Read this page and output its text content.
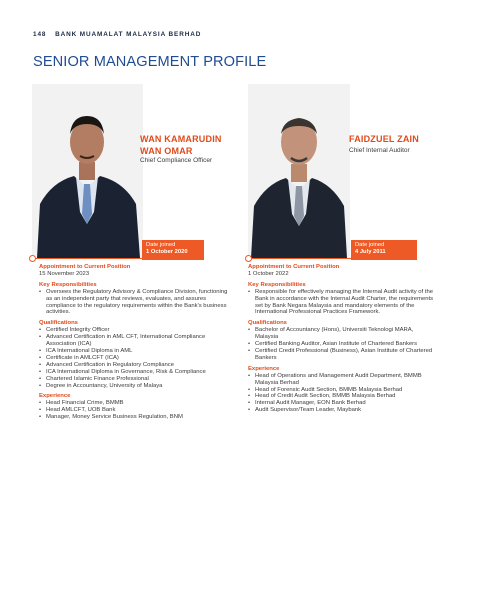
148 BANK MUAMALAT MALAYSIA BERHAD
SENIOR MANAGEMENT PROFILE
WAN KAMARUDIN
WAN OMAR
Chief Compliance Officer
FAIDZUEL ZAIN
Chief Internal Auditor
Date joined
1 October 2020
Date joined
4 July 2011
Appointment to Current Position
15 November 2023
Key Responsibilities
• Oversees the Regulatory Advisory & Compliance Division, functioning as an independent party that reviews, evaluates, and assures compliance to the regulatory requirements within the Bank's business activities.
Qualifications
• Certified Integrity Officer
• Advanced Certification in AML CFT, International Compliance Association (ICA)
• ICA International Diploma in AML
• Certificate in AMLCFT (ICA)
• Advanced Certification in Regulatory Compliance
• ICA International Diploma in Governance, Risk & Compliance
• Chartered Islamic Finance Professional
• Degree in Accountancy, University of Malaya
Experience
• Head Financial Crime, BMMB
• Head AMLCFT, UOB Bank
• Manager, Money Service Business Regulation, BNM
Appointment to Current Position
1 October 2022
Key Responsibilities
• Responsible for effectively managing the Internal Audit activity of the Bank in accordance with the Internal Audit Charter, the requirements set by Bank Negara Malaysia and mandatory elements of the International Professional Practices Framework.
Qualifications
• Bachelor of Accountancy (Hons), Universiti Teknologi MARA, Malaysia
• Certified Banking Auditor, Asian Institute of Chartered Bankers
• Certified Credit Professional (Business), Asian Institute of Chartered Bankers
Experience
• Head of Operations and Management Audit Department, BMMB Malaysia Berhad
• Head of Forensic Audit Section, BMMB Malaysia Berhad
• Head of Credit Audit Section, BMMB Malaysia Berhad
• Internal Audit Manager, EON Bank Berhad
• Audit Supervisor/Team Leader, Maybank
